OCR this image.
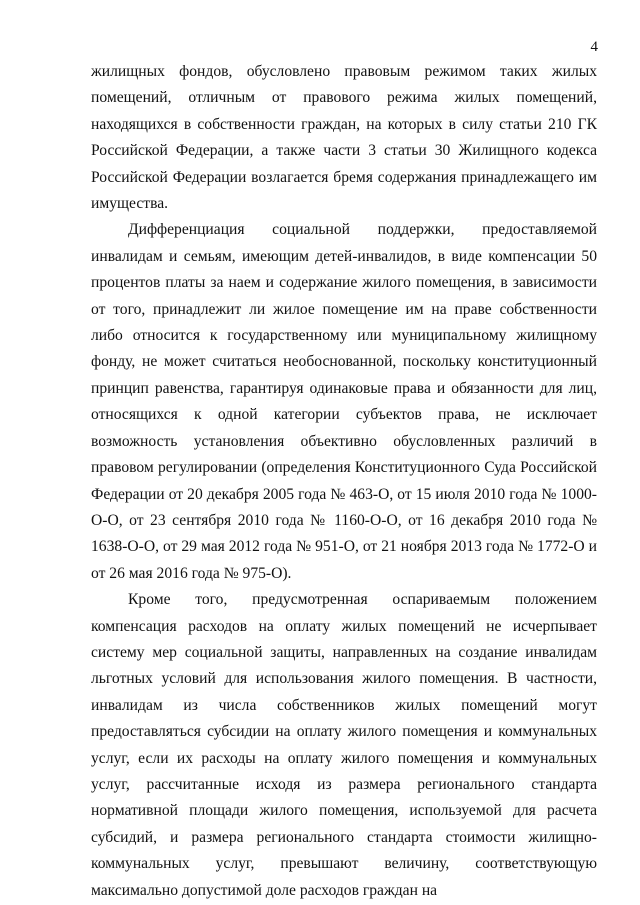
4

жилищных фондов, обусловлено правовым режимом таких жилых помещений, отличным от правового режима жилых помещений, находящихся в собственности граждан, на которых в силу статьи 210 ГК Российской Федерации, а также части 3 статьи 30 Жилищного кодекса Российской Федерации возлагается бремя содержания принадлежащего им имущества.

Дифференциация социальной поддержки, предоставляемой инвалидам и семьям, имеющим детей-инвалидов, в виде компенсации 50 процентов платы за наем и содержание жилого помещения, в зависимости от того, принадлежит ли жилое помещение им на праве собственности либо относится к государственному или муниципальному жилищному фонду, не может считаться необоснованной, поскольку конституционный принцип равенства, гарантируя одинаковые права и обязанности для лиц, относящихся к одной категории субъектов права, не исключает возможность установления объективно обусловленных различий в правовом регулировании (определения Конституционного Суда Российской Федерации от 20 декабря 2005 года № 463-О, от 15 июля 2010 года № 1000-О-О, от 23 сентября 2010 года № 1160-О-О, от 16 декабря 2010 года № 1638-О-О, от 29 мая 2012 года № 951-О, от 21 ноября 2013 года № 1772-О и от 26 мая 2016 года № 975-О).

Кроме того, предусмотренная оспариваемым положением компенсация расходов на оплату жилых помещений не исчерпывает систему мер социальной защиты, направленных на создание инвалидам льготных условий для использования жилого помещения. В частности, инвалидам из числа собственников жилых помещений могут предоставляться субсидии на оплату жилого помещения и коммунальных услуг, если их расходы на оплату жилого помещения и коммунальных услуг, рассчитанные исходя из размера регионального стандарта нормативной площади жилого помещения, используемой для расчета субсидий, и размера регионального стандарта стоимости жилищно-коммунальных услуг, превышают величину, соответствующую максимально допустимой доле расходов граждан на
